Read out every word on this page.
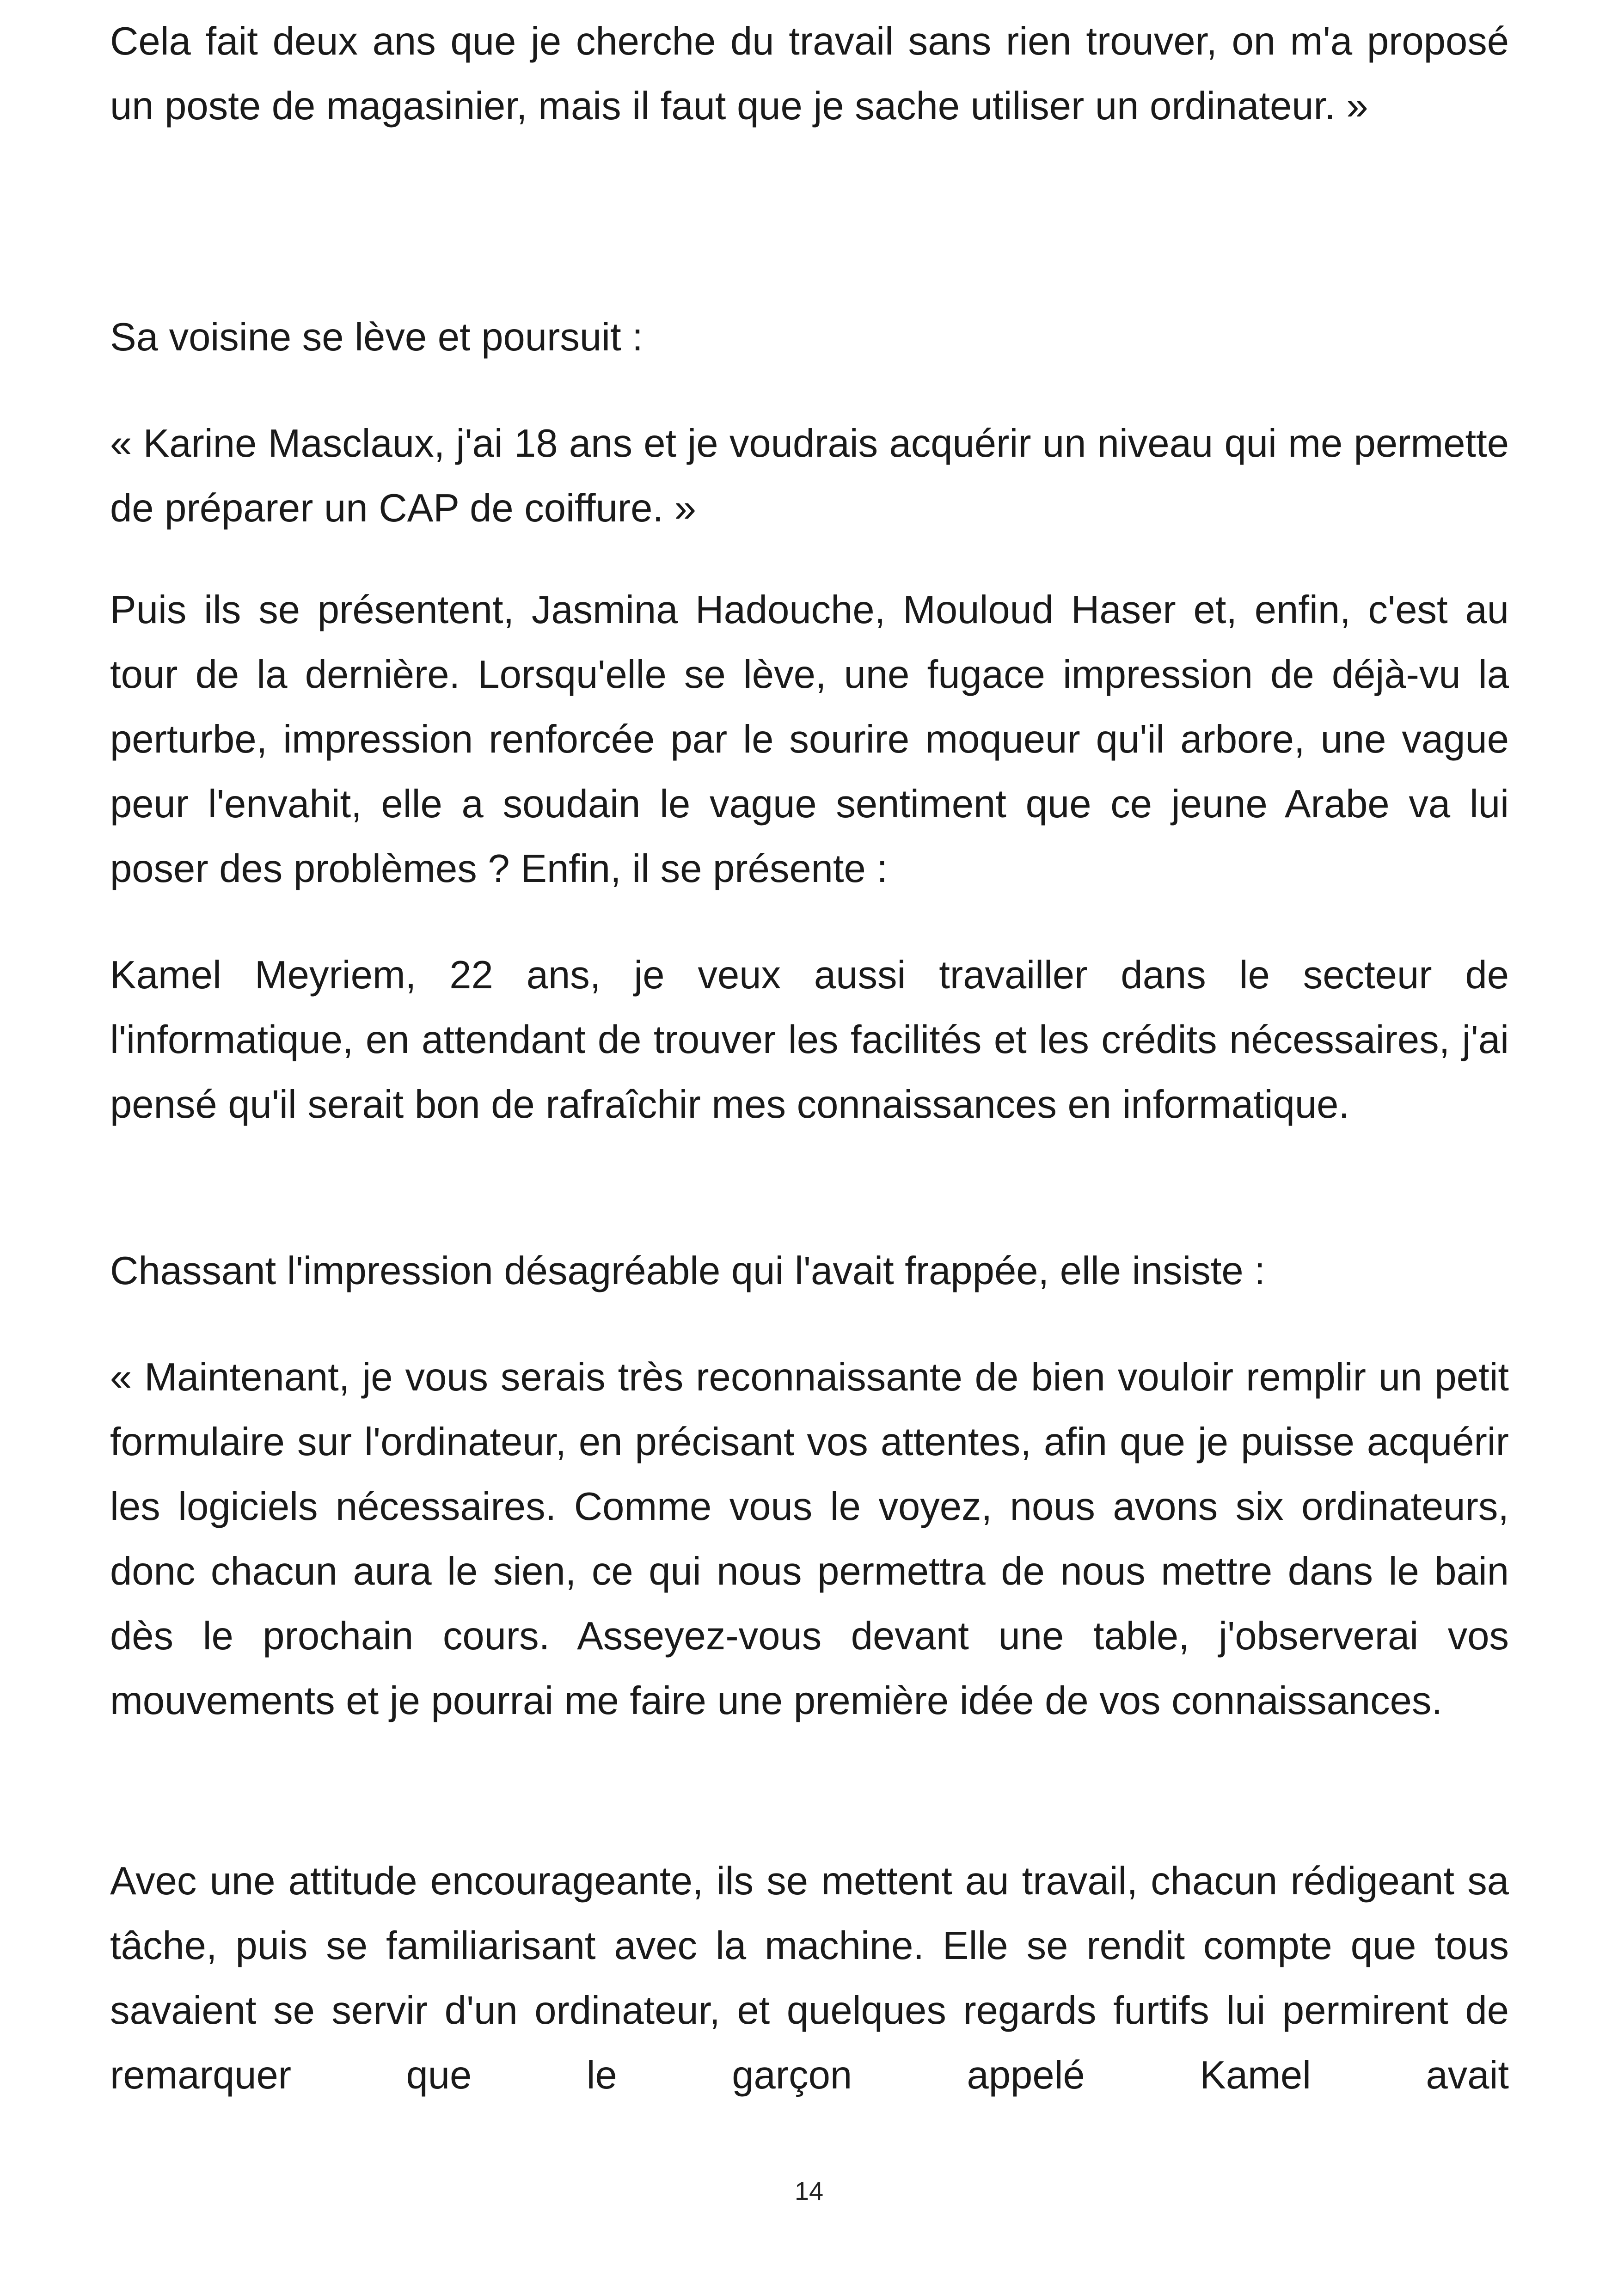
Cela fait deux ans que je cherche du travail sans rien trouver, on m'a proposé un poste de magasinier, mais il faut que je sache utiliser un ordinateur. »

Sa voisine se lève et poursuit :

« Karine Masclaux, j'ai 18 ans et je voudrais acquérir un niveau qui me permette de préparer un CAP de coiffure. »

Puis ils se présentent, Jasmina Hadouche, Mouloud Haser et, enfin, c'est au tour de la dernière. Lorsqu'elle se lève, une fugace impression de déjà-vu la perturbe, impression renforcée par le sourire moqueur qu'il arbore, une vague peur l'envahit, elle a soudain le vague sentiment que ce jeune Arabe va lui poser des problèmes ? Enfin, il se présente :

Kamel Meyriem, 22 ans, je veux aussi travailler dans le secteur de l'informatique, en attendant de trouver les facilités et les crédits nécessaires, j'ai pensé qu'il serait bon de rafraîchir mes connaissances en informatique.

Chassant l'impression désagréable qui l'avait frappée, elle insiste :

« Maintenant, je vous serais très reconnaissante de bien vouloir remplir un petit formulaire sur l'ordinateur, en précisant vos attentes, afin que je puisse acquérir les logiciels nécessaires. Comme vous le voyez, nous avons six ordinateurs, donc chacun aura le sien, ce qui nous permettra de nous mettre dans le bain dès le prochain cours. Asseyez-vous devant une table, j'observerai vos mouvements et je pourrai me faire une première idée de vos connaissances.

Avec une attitude encourageante, ils se mettent au travail, chacun rédigeant sa tâche, puis se familiarisant avec la machine. Elle se rendit compte que tous savaient se servir d'un ordinateur, et quelques regards furtifs lui permirent de remarquer que le garçon appelé Kamel avait

14
